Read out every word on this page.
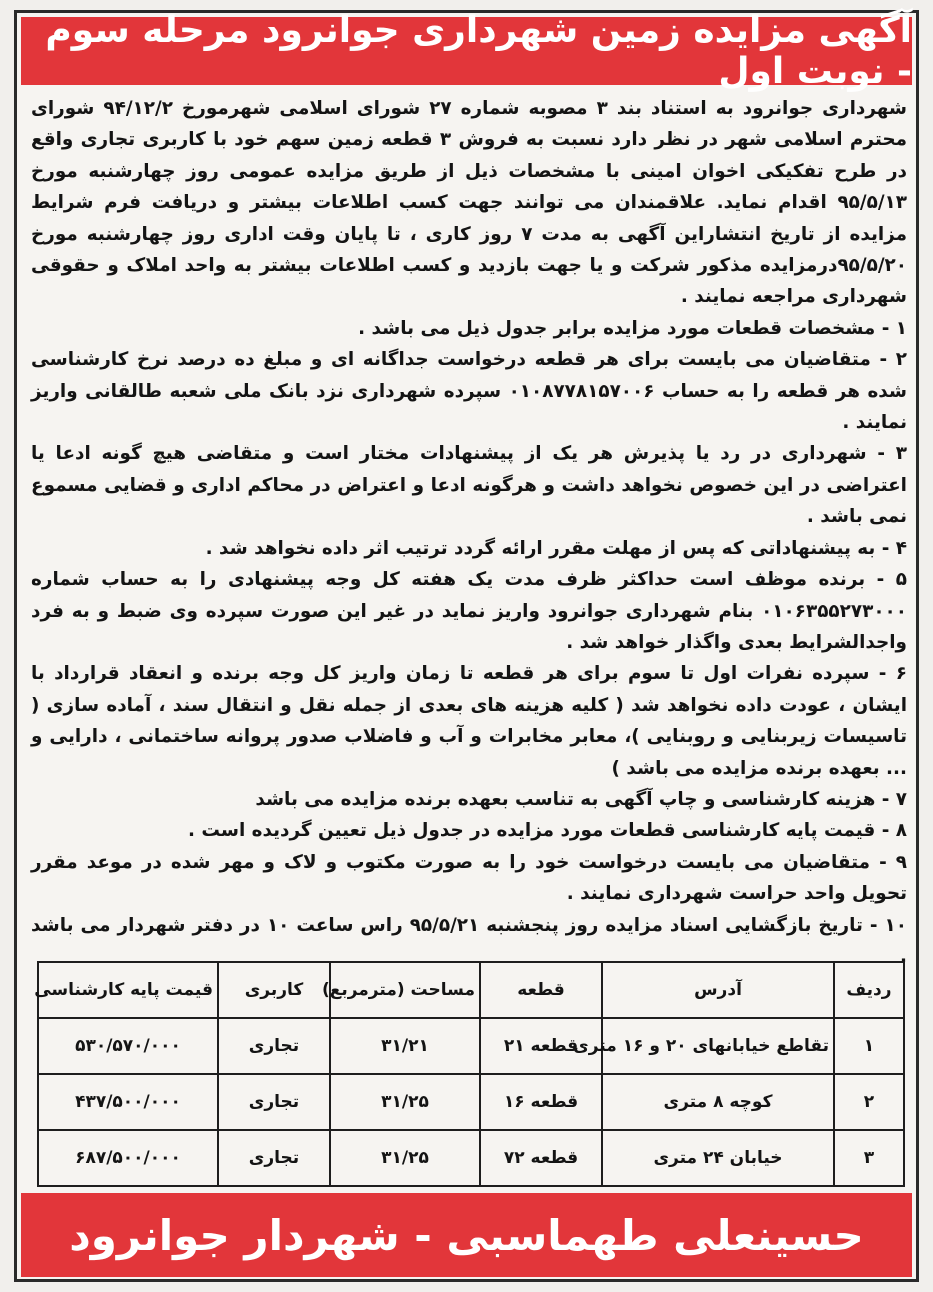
آگهی مزایده زمین شهرداری جوانرود مرحله سوم - نوبت اول

شهرداری جوانرود به استناد بند ۳ مصوبه شماره ۲۷ شورای اسلامی شهرمورخ ۹۴/۱۲/۲ شورای محترم اسلامی شهر در نظر دارد نسبت به فروش ۳ قطعه زمین سهم خود با کاربری تجاری واقع در طرح تفکیکی اخوان امینی با مشخصات ذیل از طریق مزایده عمومی روز چهارشنبه مورخ ۹۵/۵/۱۳ اقدام نماید. علاقمندان می توانند جهت کسب اطلاعات بیشتر و دریافت فرم شرایط مزایده از تاریخ انتشاراین آگهی به مدت ۷ روز کاری ، تا پایان وقت اداری روز چهارشنبه مورخ ۹۵/۵/۲۰درمزایده مذکور شرکت و یا جهت بازدید و کسب اطلاعات بیشتر به واحد املاک و حقوقی شهرداری مراجعه نمایند .

۱ - مشخصات قطعات مورد مزایده برابر جدول ذیل می باشد .

۲ - متقاضیان می بایست برای هر قطعه درخواست جداگانه ای و مبلغ ده درصد نرخ کارشناسی شده هر قطعه را به حساب ۰۱۰۸۷۷۸۱۵۷۰۰۶ سپرده شهرداری نزد بانک ملی شعبه طالقانی واریز نمایند .

۳ - شهرداری در رد یا پذیرش هر یک از پیشنهادات مختار است و متقاضی هیچ گونه ادعا یا اعتراضی در این خصوص نخواهد داشت و هرگونه ادعا و اعتراض در محاکم اداری و قضایی مسموع نمی باشد .

۴ - به پیشنهاداتی که پس از مهلت مقرر ارائه گردد ترتیب اثر داده نخواهد شد .

۵ - برنده موظف است حداکثر ظرف مدت یک هفته کل وجه پیشنهادی را به حساب شماره ۰۱۰۶۳۵۵۲۷۳۰۰۰ بنام شهرداری جوانرود واریز نماید در غیر این صورت سپرده وی ضبط و به فرد واجدالشرایط بعدی واگذار خواهد شد .

۶ - سپرده نفرات اول تا سوم برای هر قطعه تا زمان واریز کل وجه برنده و انعقاد قرارداد با ایشان ، عودت داده نخواهد شد ( کلیه هزینه های بعدی از جمله نقل و انتقال سند ، آماده سازی ( تاسیسات زیربنایی و روبنایی )، معابر مخابرات و آب و فاضلاب صدور پروانه ساختمانی ، دارایی و ... بعهده برنده مزایده می باشد )

۷ - هزینه کارشناسی و چاپ آگهی به تناسب بعهده برنده مزایده می باشد

۸ - قیمت پایه کارشناسی قطعات مورد مزایده در جدول ذیل تعیین گردیده است .

۹ - متقاضیان می بایست درخواست خود را به صورت مکتوب و لاک و مهر شده در موعد مقرر تحویل واحد حراست شهرداری نمایند .

۱۰ - تاریخ بازگشایی اسناد مزایده روز پنجشنبه ۹۵/۵/۲۱ راس ساعت ۱۰ در دفتر شهردار می باشد .

ردیف	آدرس	قطعه	مساحت (مترمربع)	کاربری	قیمت پایه کارشناسی
۱	تقاطع خیابانهای ۲۰ و ۱۶ متری	قطعه ۲۱	۳۱/۲۱	تجاری	۵۳۰/۵۷۰/۰۰۰
۲	کوچه ۸ متری	قطعه ۱۶	۳۱/۲۵	تجاری	۴۳۷/۵۰۰/۰۰۰
۳	خیابان ۲۴ متری	قطعه ۷۲	۳۱/۲۵	تجاری	۶۸۷/۵۰۰/۰۰۰
حسینعلی طهماسبی - شهردار جوانرود
